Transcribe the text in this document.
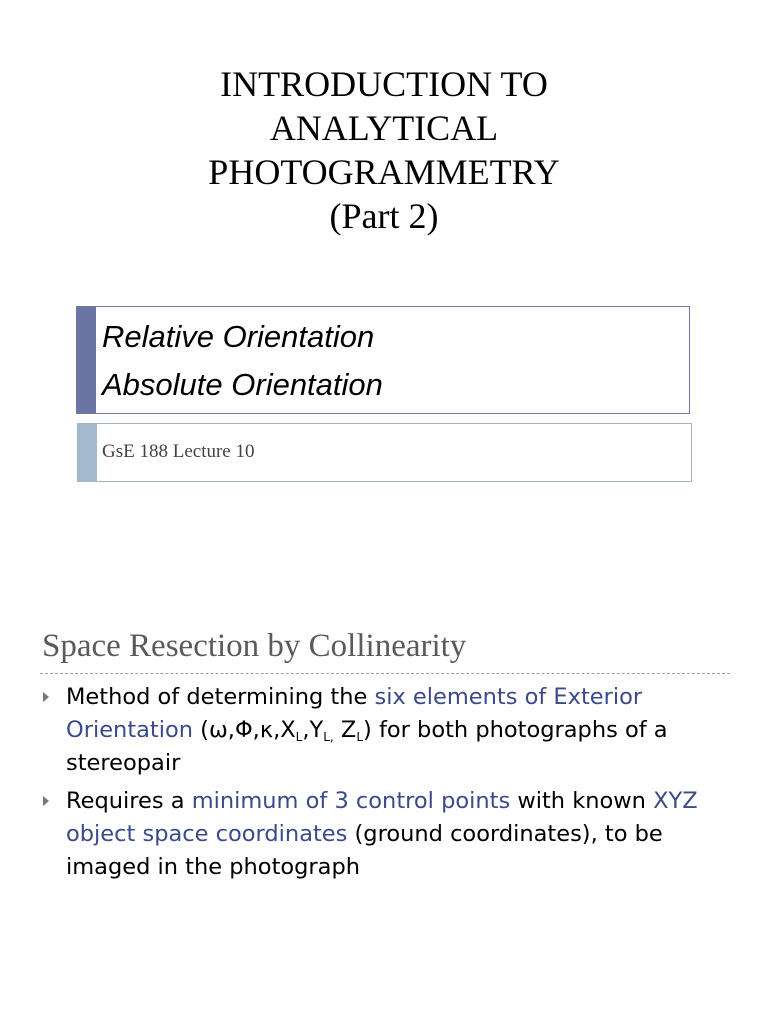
INTRODUCTION TO
ANALYTICAL
PHOTOGRAMMETRY
(Part 2)
Relative Orientation
Absolute Orientation
GsE 188 Lecture 10
Space Resection by Collinearity
Method of determining the six elements of Exterior Orientation ($\omega,\Phi,\kappa,X_L,Y_{L,}$ $Z_L$) for both photographs of a stereopair
Requires a minimum of 3 control points with known XYZ object space coordinates (ground coordinates), to be imaged in the photograph
